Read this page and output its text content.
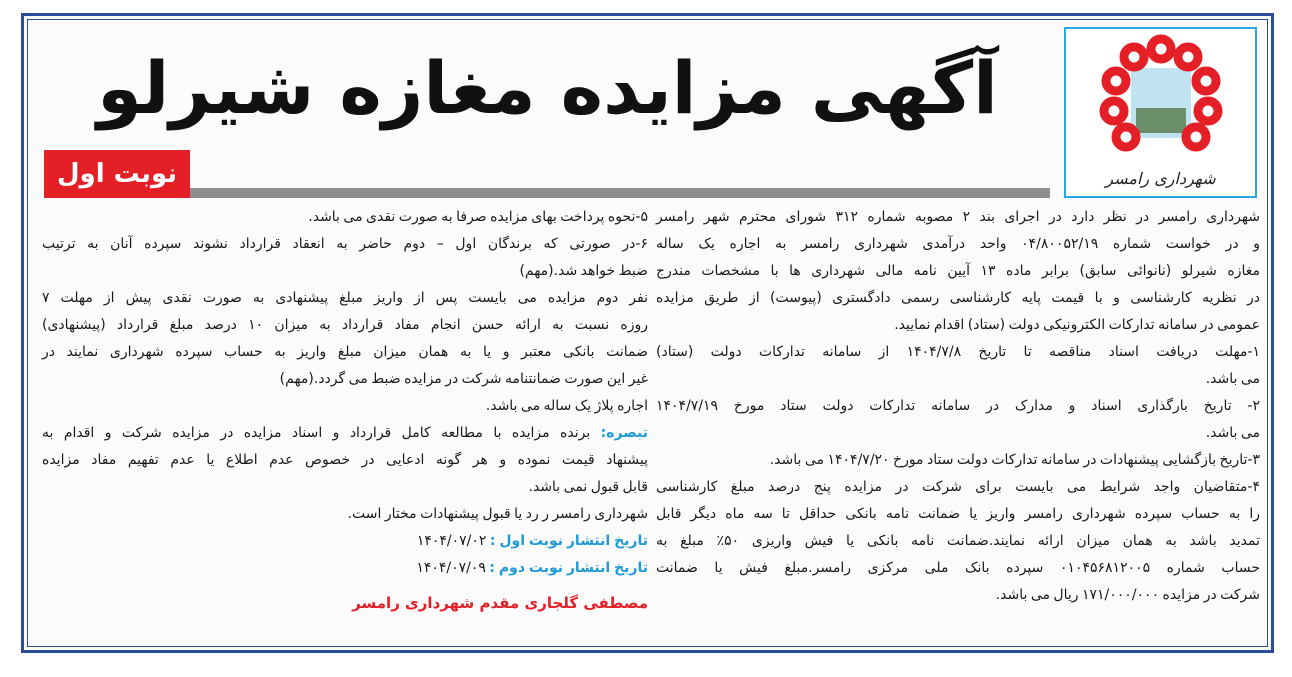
شهرداری رامسر
آگهی مزایده مغازه شیرلو
نوبت اول
شهرداری رامسر در نظر دارد در اجرای بند ۲ مصوبه شماره ۳۱۲ شورای محترم شهر رامسر
و در خواست شماره ۰۴/۸۰۰۵۲/۱۹ واحد درآمدی شهرداری رامسر به اجاره یک ساله
مغازه شیرلو (نانوائی سابق) برابر ماده ۱۳ آیین نامه مالی شهرداری ها با مشخصات مندرج
در نظریه کارشناسی و با قیمت پایه کارشناسی رسمی دادگستری (پیوست) از طریق مزایده
عمومی در سامانه تدارکات الکترونیکی دولت (ستاد) اقدام نمایید.
۱-مهلت دریافت اسناد مناقصه تا تاریخ ۱۴۰۴/۷/۸ از سامانه تدارکات دولت (ستاد)
می باشد.
۲- تاریخ بارگذاری اسناد و مدارک در سامانه تدارکات دولت ستاد مورخ ۱۴۰۴/۷/۱۹
می باشد.
۳-تاریخ بازگشایی پیشنهادات در سامانه تدارکات دولت ستاد مورخ ۱۴۰۴/۷/۲۰ می باشد.
۴-متقاضیان واجد شرایط می بایست برای شرکت در مزایده پنج درصد مبلغ کارشناسی
را به حساب سپرده شهرداری رامسر واریز یا ضمانت نامه بانکی حداقل تا سه ماه دیگر قابل
تمدید باشد به همان میزان ارائه نمایند.ضمانت نامه بانکی یا فیش واریزی ۵۰٪ مبلغ به
حساب شماره ۰۱۰۴۵۶۸۱۲۰۰۵ سپرده بانک ملی مرکزی رامسر.مبلغ فیش یا ضمانت
شرکت در مزایده ۱۷۱/۰۰۰/۰۰۰ ریال می باشد.
۵-نحوه پرداخت بهای مزایده صرفا به صورت نقدی می باشد.
۶-در صورتی که برندگان اول – دوم حاضر به انعقاد قرارداد نشوند سپرده آنان به ترتیب
ضبط خواهد شد.(مهم)
نفر دوم مزایده می بایست پس از واریز مبلغ پیشنهادی به صورت نقدی پیش از مهلت ۷
روزه نسبت به ارائه حسن انجام مفاد قرارداد به میزان ۱۰ درصد مبلغ قرارداد (پیشنهادی)
ضمانت بانکی معتبر و یا به همان میزان مبلغ واریز به حساب سپرده شهرداری نمایند در
غیر این صورت ضمانتنامه شرکت در مزایده ضبط می گردد.(مهم)
اجاره پلاژ یک ساله می باشد.
تبصره: برنده مزایده با مطالعه کامل قرارداد و اسناد مزایده در مزایده شرکت و اقدام به
پیشنهاد قیمت نموده و هر گونه ادعایی در خصوص عدم اطلاع یا عدم تفهیم مفاد مزایده
قابل قبول نمی باشد.
شهرداری رامسر ر رد یا قبول پیشنهادات مختار است.
تاریخ انتشار نوبت اول : ۱۴۰۴/۰۷/۰۲
تاریخ انتشار نوبت دوم : ۱۴۰۴/۰۷/۰۹
مصطفی گلجاری مقدم شهرداری رامسر
